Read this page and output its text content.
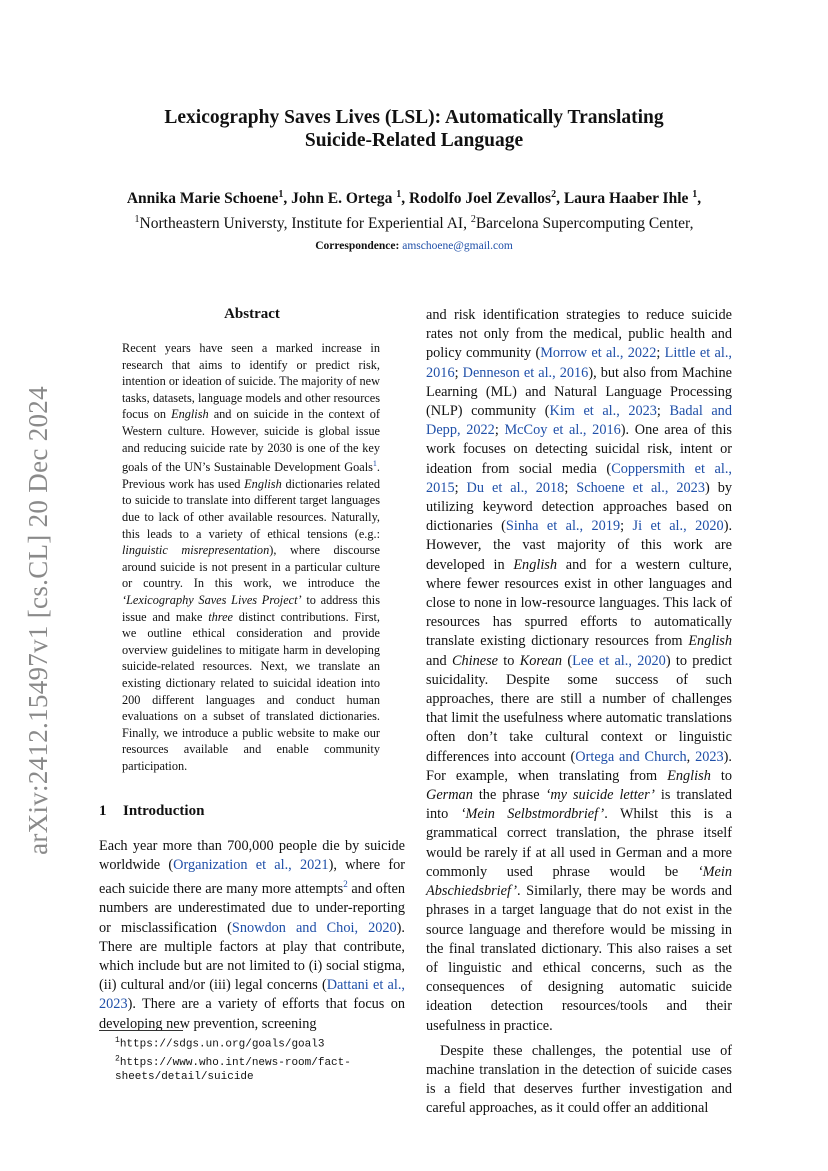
arXiv:2412.15497v1 [cs.CL] 20 Dec 2024
Lexicography Saves Lives (LSL): Automatically Translating
Suicide-Related Language
Annika Marie Schoene$^1$, John E. Ortega $^1$, Rodolfo Joel Zevallos$^2$, Laura Haaber Ihle $^1$,
$^1$Northeastern Universty, Institute for Experiential AI, $^2$Barcelona Supercomputing Center,
Correspondence: amschoene@gmail.com
Abstract
Recent years have seen a marked increase in research that aims to identify or predict risk, intention or ideation of suicide. The majority of new tasks, datasets, language models and other resources focus on English and on suicide in the context of Western culture. However, suicide is global issue and reducing suicide rate by 2030 is one of the key goals of the UN’s Sustainable Development Goals$^1$. Previous work has used English dictionaries related to suicide to translate into different target languages due to lack of other available resources. Naturally, this leads to a variety of ethical tensions (e.g.: linguistic misrepresentation), where discourse around suicide is not present in a particular culture or country. In this work, we introduce the ‘Lexicography Saves Lives Project’ to address this issue and make three distinct contributions. First, we outline ethical consideration and provide overview guidelines to mitigate harm in developing suicide-related resources. Next, we translate an existing dictionary related to suicidal ideation into 200 different languages and conduct human evaluations on a subset of translated dictionaries. Finally, we introduce a public website to make our resources available and enable community participation.
1 Introduction

Each year more than 700,000 people die by suicide worldwide (Organization et al., 2021), where for each suicide there are many more attempts$^2$ and often numbers are underestimated due to under-reporting or misclassification (Snowdon and Choi, 2020). There are multiple factors at play that contribute, which include but are not limited to (i) social stigma, (ii) cultural and/or (iii) legal concerns (Dattani et al., 2023). There are a variety of efforts that focus on developing new prevention, screening

$^1$https://sdgs.un.org/goals/goal3
$^2$https://www.who.int/news-room/fact-sheets/detail/suicide

and risk identification strategies to reduce suicide rates not only from the medical, public health and policy community (Morrow et al., 2022; Little et al., 2016; Denneson et al., 2016), but also from Machine Learning (ML) and Natural Language Processing (NLP) community (Kim et al., 2023; Badal and Depp, 2022; McCoy et al., 2016). One area of this work focuses on detecting suicidal risk, intent or ideation from social media (Coppersmith et al., 2015; Du et al., 2018; Schoene et al., 2023) by utilizing keyword detection approaches based on dictionaries (Sinha et al., 2019; Ji et al., 2020). However, the vast majority of this work are developed in English and for a western culture, where fewer resources exist in other languages and close to none in low-resource languages. This lack of resources has spurred efforts to automatically translate existing dictionary resources from English and Chinese to Korean (Lee et al., 2020) to predict suicidality. Despite some success of such approaches, there are still a number of challenges that limit the usefulness where automatic translations often don’t take cultural context or linguistic differences into account (Ortega and Church, 2023). For example, when translating from English to German the phrase ‘my suicide letter’ is translated into ‘Mein Selbstmordbrief’. Whilst this is a grammatical correct translation, the phrase itself would be rarely if at all used in German and a more commonly used phrase would be ‘Mein Abschiedsbrief’. Similarly, there may be words and phrases in a target language that do not exist in the source language and therefore would be missing in the final translated dictionary. This also raises a set of linguistic and ethical concerns, such as the consequences of designing automatic suicide ideation detection resources/tools and their usefulness in practice.

Despite these challenges, the potential use of machine translation in the detection of suicide cases is a field that deserves further investigation and careful approaches, as it could offer an additional
